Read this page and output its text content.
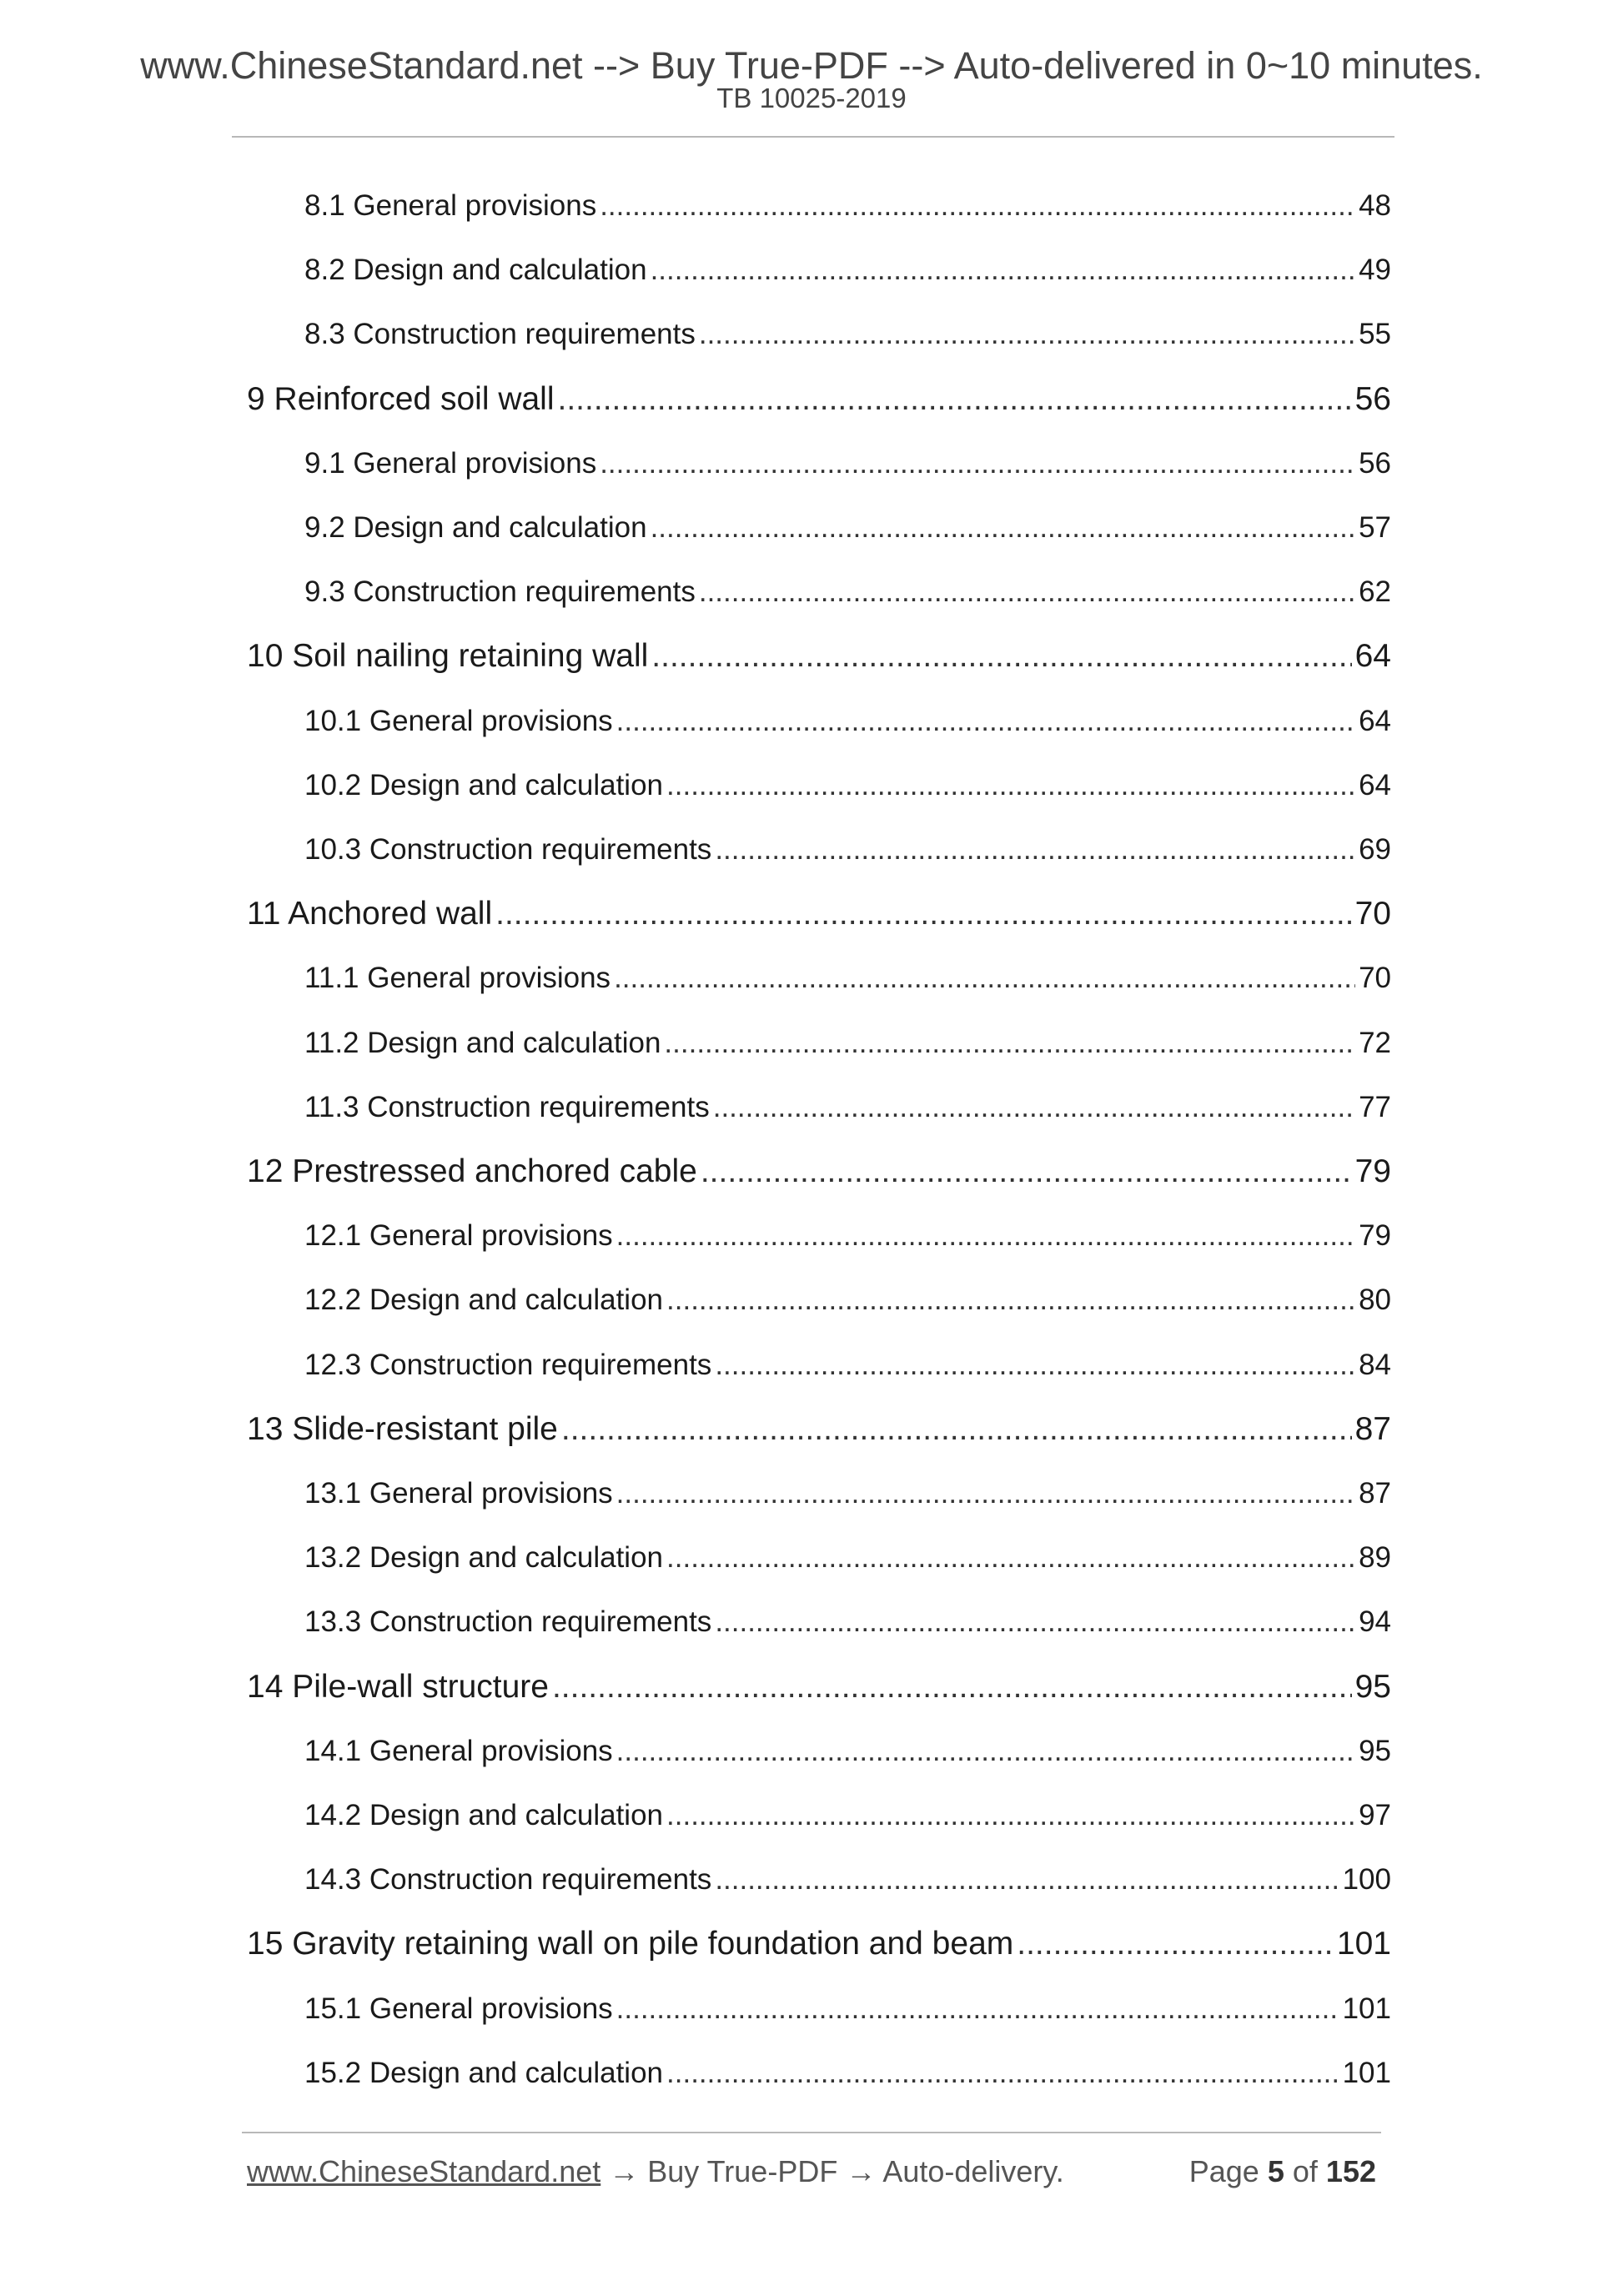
www.ChineseStandard.net --> Buy True-PDF --> Auto-delivered in 0~10 minutes.
TB 10025-2019
8.1 General provisions .....	48
8.2 Design and calculation .....	49
8.3 Construction requirements .....	55
9 Reinforced soil wall .....	56
9.1 General provisions .....	56
9.2 Design and calculation .....	57
9.3 Construction requirements .....	62
10 Soil nailing retaining wall .....	64
10.1 General provisions .....	64
10.2 Design and calculation .....	64
10.3 Construction requirements .....	69
11 Anchored wall .....	70
11.1 General provisions .....	70
11.2 Design and calculation .....	72
11.3 Construction requirements .....	77
12 Prestressed anchored cable .....	79
12.1 General provisions .....	79
12.2 Design and calculation .....	80
12.3 Construction requirements .....	84
13 Slide-resistant pile .....	87
13.1 General provisions .....	87
13.2 Design and calculation .....	89
13.3 Construction requirements .....	94
14 Pile-wall structure .....	95
14.1 General provisions .....	95
14.2 Design and calculation .....	97
14.3 Construction requirements .....	100
15 Gravity retaining wall on pile foundation and beam .....	101
15.1 General provisions .....	101
15.2 Design and calculation .....	101
www.ChineseStandard.net → Buy True-PDF → Auto-delivery.	Page 5 of 152
